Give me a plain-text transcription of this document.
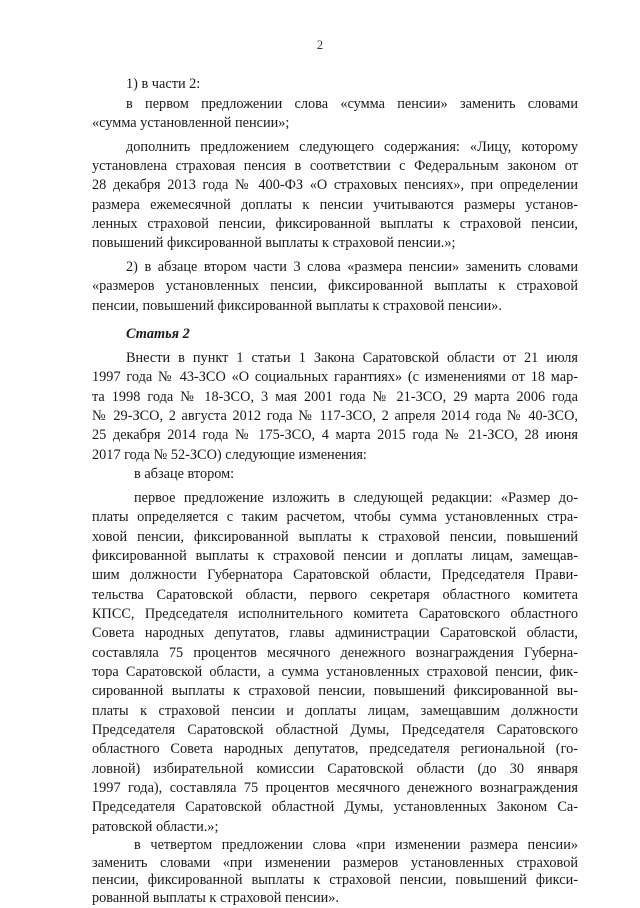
2
1) в части 2:
в первом предложении слова «сумма пенсии» заменить словами
«сумма установленной пенсии»;
дополнить предложением следующего содержания: «Лицу, которому
установлена страховая пенсия в соответствии с Федеральным законом от
28 декабря 2013 года № 400-ФЗ «О страховых пенсиях», при определении
размера ежемесячной доплаты к пенсии учитываются размеры установ-
ленных страховой пенсии, фиксированной выплаты к страховой пенсии,
повышений фиксированной выплаты к страховой пенсии.»;
2) в абзаце втором части 3 слова «размера пенсии» заменить словами
«размеров установленных пенсии, фиксированной выплаты к страховой
пенсии, повышений фиксированной выплаты к страховой пенсии».
Статья 2
Внести в пункт 1 статьи 1 Закона Саратовской области от 21 июля
1997 года № 43-ЗСО «О социальных гарантиях» (с изменениями от 18 мар-
та 1998 года № 18-ЗСО, 3 мая 2001 года № 21-ЗСО, 29 марта 2006 года
№ 29-ЗСО, 2 августа 2012 года № 117-ЗСО, 2 апреля 2014 года № 40-ЗСО,
25 декабря 2014 года № 175-ЗСО, 4 марта 2015 года № 21-ЗСО, 28 июня
2017 года № 52-ЗСО) следующие изменения:
в абзаце втором:
первое предложение изложить в следующей редакции: «Размер до-
платы определяется с таким расчетом, чтобы сумма установленных стра-
ховой пенсии, фиксированной выплаты к страховой пенсии, повышений
фиксированной выплаты к страховой пенсии и доплаты лицам, замещав-
шим должности Губернатора Саратовской области, Председателя Прави-
тельства Саратовской области, первого секретаря областного комитета
КПСС, Председателя исполнительного комитета Саратовского областного
Совета народных депутатов, главы администрации Саратовской области,
составляла 75 процентов месячного денежного вознаграждения Губерна-
тора Саратовской области, а сумма установленных страховой пенсии, фик-
сированной выплаты к страховой пенсии, повышений фиксированной вы-
платы к страховой пенсии и доплаты лицам, замещавшим должности
Председателя Саратовской областной Думы, Председателя Саратовского
областного Совета народных депутатов, председателя региональной (го-
ловной) избирательной комиссии Саратовской области (до 30 января
1997 года), составляла 75 процентов месячного денежного вознаграждения
Председателя Саратовской областной Думы, установленных Законом Са-
ратовской области.»;
в четвертом предложении слова «при изменении размера пенсии»
заменить словами «при изменении размеров установленных страховой
пенсии, фиксированной выплаты к страховой пенсии, повышений фикси-
рованной выплаты к страховой пенсии».
